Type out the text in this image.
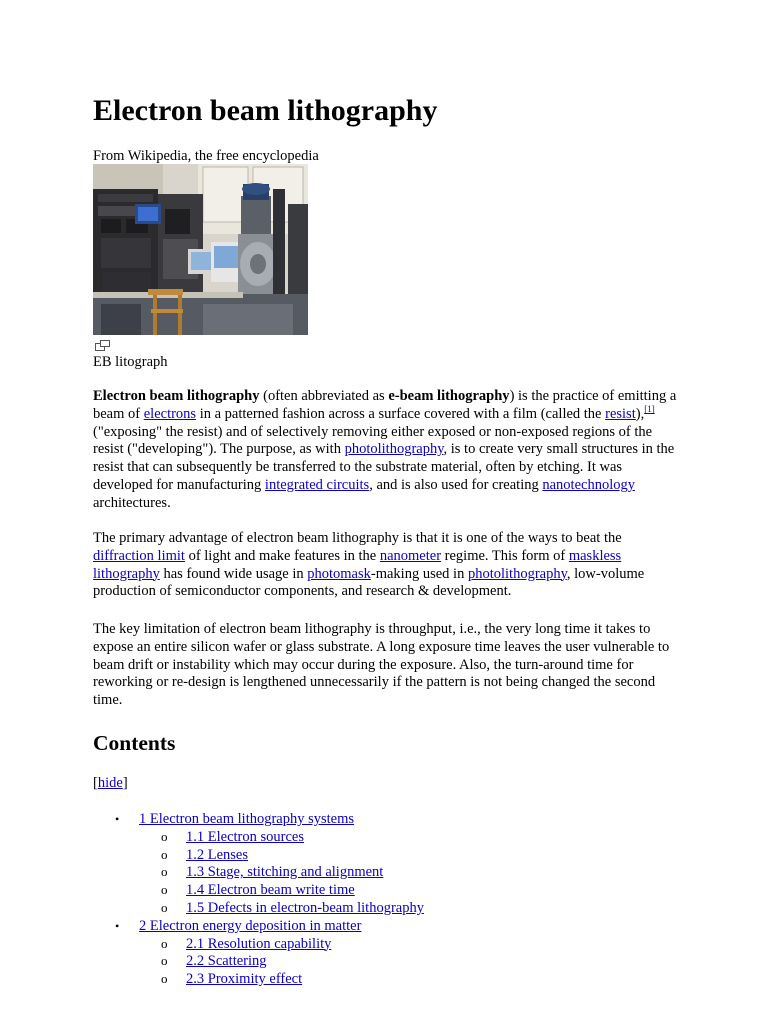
Electron beam lithography
From Wikipedia, the free encyclopedia
EB litograph

Electron beam lithography (often abbreviated as e-beam lithography) is the practice of emitting a beam of electrons in a patterned fashion across a surface covered with a film (called the resist),[1] ("exposing" the resist) and of selectively removing either exposed or non-exposed regions of the resist ("developing"). The purpose, as with photolithography, is to create very small structures in the resist that can subsequently be transferred to the substrate material, often by etching. It was developed for manufacturing integrated circuits, and is also used for creating nanotechnology architectures.

The primary advantage of electron beam lithography is that it is one of the ways to beat the diffraction limit of light and make features in the nanometer regime. This form of maskless lithography has found wide usage in photomask-making used in photolithography, low-volume production of semiconductor components, and research & development.

The key limitation of electron beam lithography is throughput, i.e., the very long time it takes to expose an entire silicon wafer or glass substrate. A long exposure time leaves the user vulnerable to beam drift or instability which may occur during the exposure. Also, the turn-around time for reworking or re-design is lengthened unnecessarily if the pattern is not being changed the second time.

Contents
[hide]
• 1 Electron beam lithography systems
o 1.1 Electron sources
o 1.2 Lenses
o 1.3 Stage, stitching and alignment
o 1.4 Electron beam write time
o 1.5 Defects in electron-beam lithography
• 2 Electron energy deposition in matter
o 2.1 Resolution capability
o 2.2 Scattering
o 2.3 Proximity effect
